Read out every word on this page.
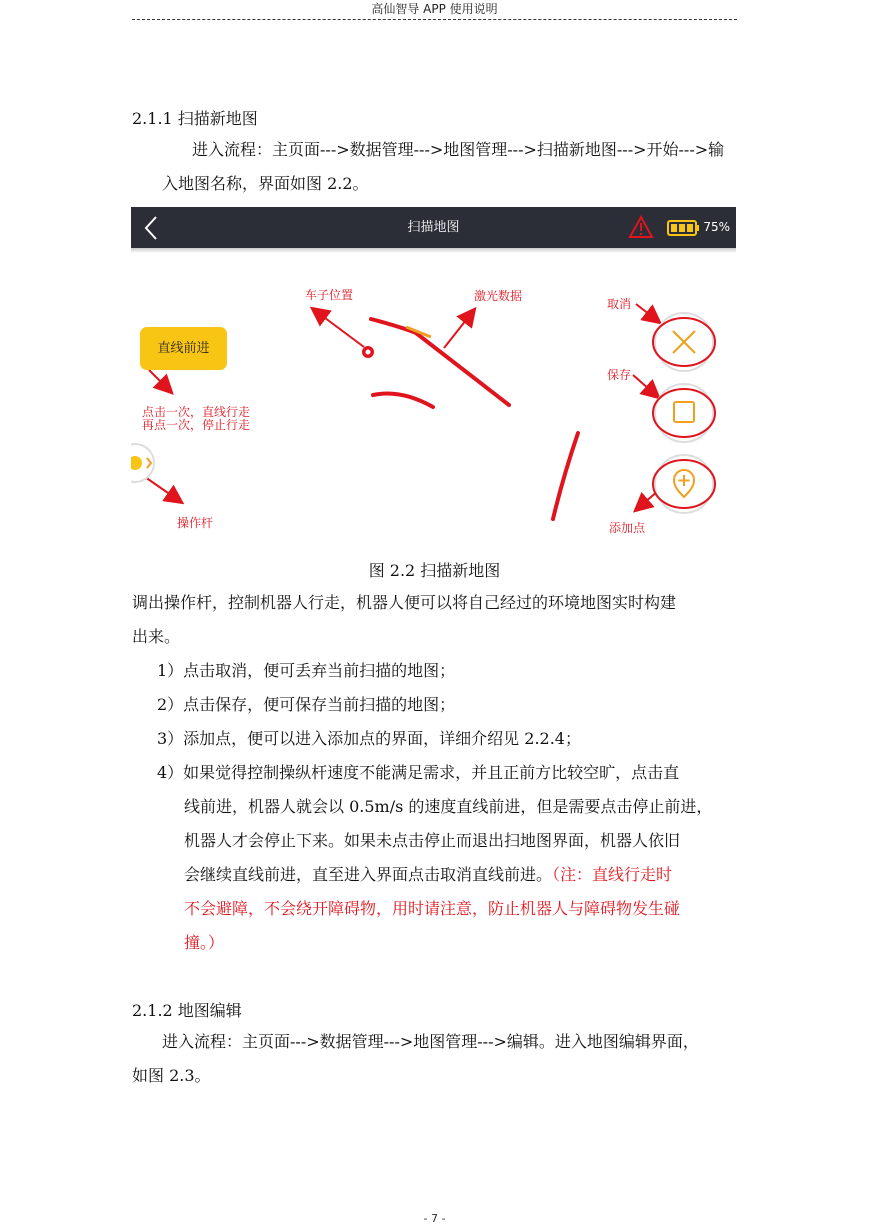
高仙智导 APP 使用说明
2.1.1 扫描新地图
进入流程：主页面--->数据管理--->地图管理--->扫描新地图--->开始--->输
入地图名称，界面如图 2.2。
扫描地图	75%
直线前进
车子位置	激光数据
取消
保存
添加点
操作杆
点击一次，直线行走
再点一次，停止行走
图 2.2 扫描新地图
调出操作杆，控制机器人行走，机器人便可以将自己经过的环境地图实时构建
出来。
1）点击取消，便可丢弃当前扫描的地图；
2）点击保存，便可保存当前扫描的地图；
3）添加点，便可以进入添加点的界面，详细介绍见 2.2.4；
4）如果觉得控制操纵杆速度不能满足需求，并且正前方比较空旷，点击直
线前进，机器人就会以 0.5m/s 的速度直线前进，但是需要点击停止前进，
机器人才会停止下来。如果未点击停止而退出扫地图界面，机器人依旧
会继续直线前进，直至进入界面点击取消直线前进。（注：直线行走时
不会避障，不会绕开障碍物，用时请注意，防止机器人与障碍物发生碰
撞。）
2.1.2 地图编辑
进入流程：主页面--->数据管理--->地图管理--->编辑。进入地图编辑界面，
如图 2.3。
- 7 -
